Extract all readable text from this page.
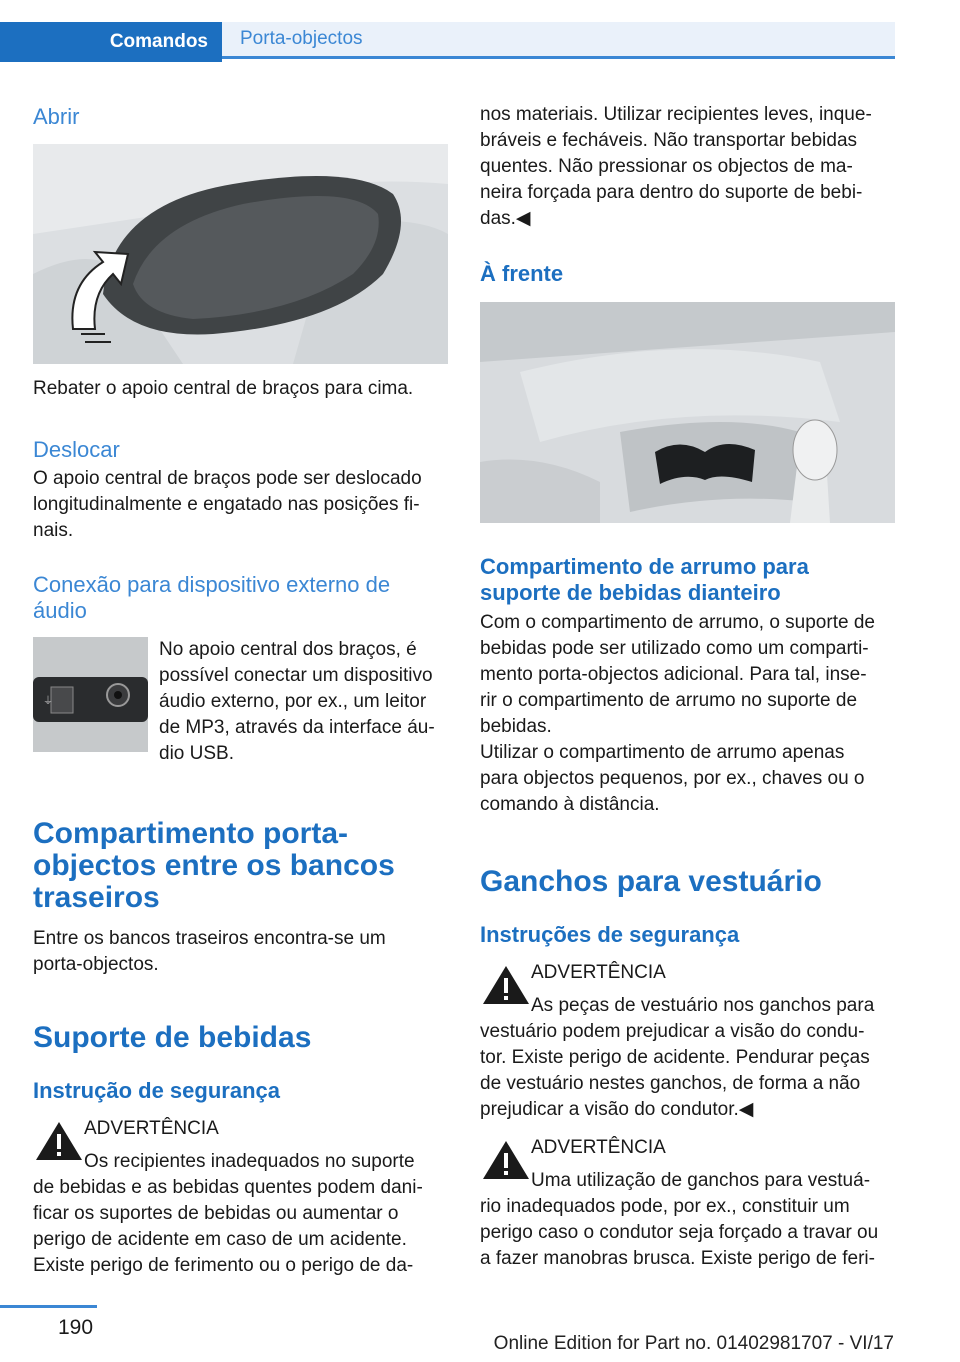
Comandos Porta-objectos
Abrir
Rebater o apoio central de braços para cima.
Deslocar
O apoio central de braços pode ser deslocado
longitudinalmente e engatado nas posições fi‐
nais.
Conexão para dispositivo externo de
áudio
⏚
No apoio central dos braços, é
possível conectar um dispositivo
áudio externo, por ex., um leitor
de MP3, através da interface áu‐
dio USB.
Compartimento porta-
objectos entre os bancos
traseiros
Entre os bancos traseiros encontra-se um
porta-objectos.
Suporte de bebidas
Instrução de segurança
ADVERTÊNCIA
Os recipientes inadequados no suporte
de bebidas e as bebidas quentes podem dani‐
ficar os suportes de bebidas ou aumentar o
perigo de acidente em caso de um acidente.
Existe perigo de ferimento ou o perigo de da‐
nos materiais. Utilizar recipientes leves, inque‐
bráveis e fecháveis. Não transportar bebidas
quentes. Não pressionar os objectos de ma‐
neira forçada para dentro do suporte de bebi‐
das.◀
À frente
Compartimento de arrumo para
suporte de bebidas dianteiro
Com o compartimento de arrumo, o suporte de
bebidas pode ser utilizado como um comparti‐
mento porta-objectos adicional. Para tal, inse‐
rir o compartimento de arrumo no suporte de
bebidas.
Utilizar o compartimento de arrumo apenas
para objectos pequenos, por ex., chaves ou o
comando à distância.
Ganchos para vestuário
Instruções de segurança
ADVERTÊNCIA
As peças de vestuário nos ganchos para
vestuário podem prejudicar a visão do condu‐
tor. Existe perigo de acidente. Pendurar peças
de vestuário nestes ganchos, de forma a não
prejudicar a visão do condutor.◀
ADVERTÊNCIA
Uma utilização de ganchos para vestuá‐
rio inadequados pode, por ex., constituir um
perigo caso o condutor seja forçado a travar ou
a fazer manobras brusca. Existe perigo de feri‐
190
Online Edition for Part no. 01402981707 - VI/17
